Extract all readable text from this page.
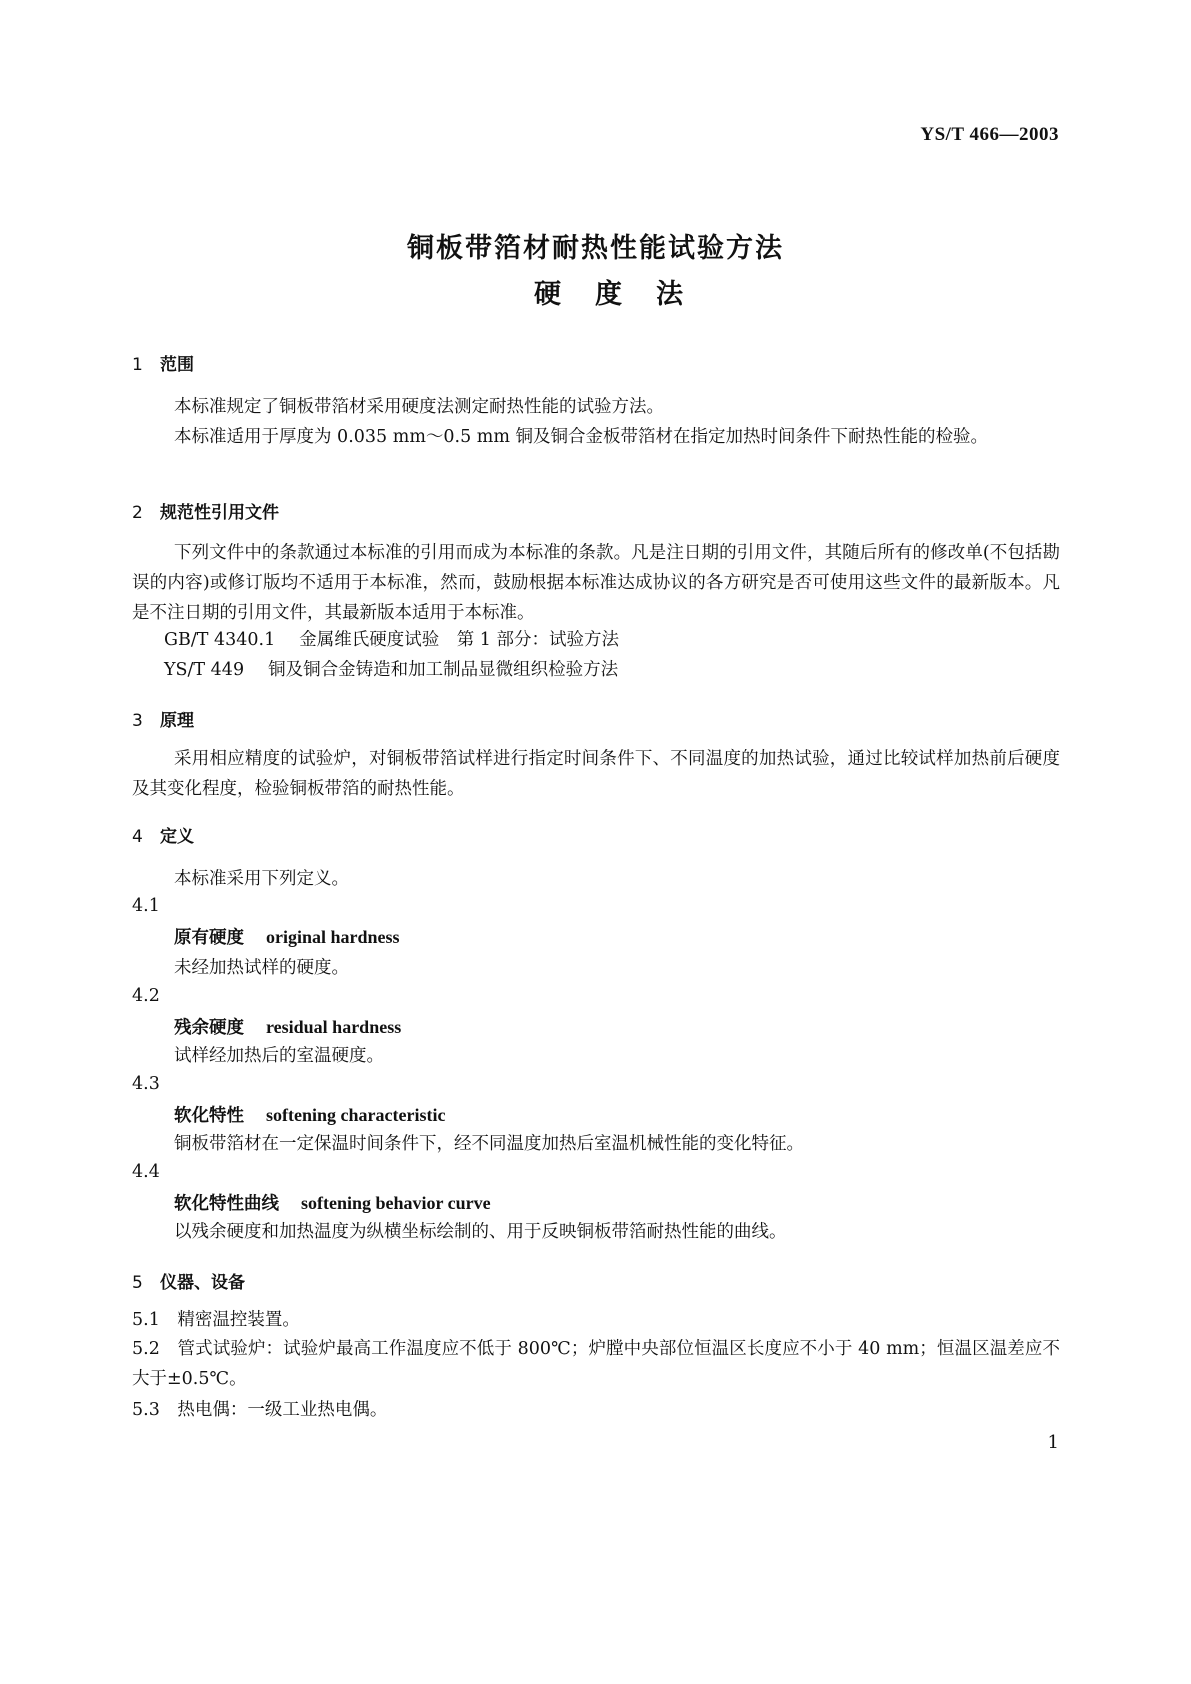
YS/T 466—2003
铜板带箔材耐热性能试验方法
硬度法
1 范围
本标准规定了铜板带箔材采用硬度法测定耐热性能的试验方法。
本标准适用于厚度为 0.035 mm～0.5 mm 铜及铜合金板带箔材在指定加热时间条件下耐热性能的检验。
2 规范性引用文件
下列文件中的条款通过本标准的引用而成为本标准的条款。凡是注日期的引用文件，其随后所有的修改单(不包括勘误的内容)或修订版均不适用于本标准，然而，鼓励根据本标准达成协议的各方研究是否可使用这些文件的最新版本。凡是不注日期的引用文件，其最新版本适用于本标准。
GB/T 4340.1 金属维氏硬度试验　第 1 部分：试验方法
YS/T 449 铜及铜合金铸造和加工制品显微组织检验方法
3 原理
采用相应精度的试验炉，对铜板带箔试样进行指定时间条件下、不同温度的加热试验，通过比较试样加热前后硬度及其变化程度，检验铜板带箔的耐热性能。
4 定义
本标准采用下列定义。
4.1
原有硬度 original hardness
未经加热试样的硬度。
4.2
残余硬度 residual hardness
试样经加热后的室温硬度。
4.3
软化特性 softening characteristic
铜板带箔材在一定保温时间条件下，经不同温度加热后室温机械性能的变化特征。
4.4
软化特性曲线 softening behavior curve
以残余硬度和加热温度为纵横坐标绘制的、用于反映铜板带箔耐热性能的曲线。
5 仪器、设备
5.1　精密温控装置。
5.2　管式试验炉：试验炉最高工作温度应不低于 800℃；炉膛中央部位恒温区长度应不小于 40 mm；恒温区温差应不大于±0.5℃。
5.3　热电偶：一级工业热电偶。
1
